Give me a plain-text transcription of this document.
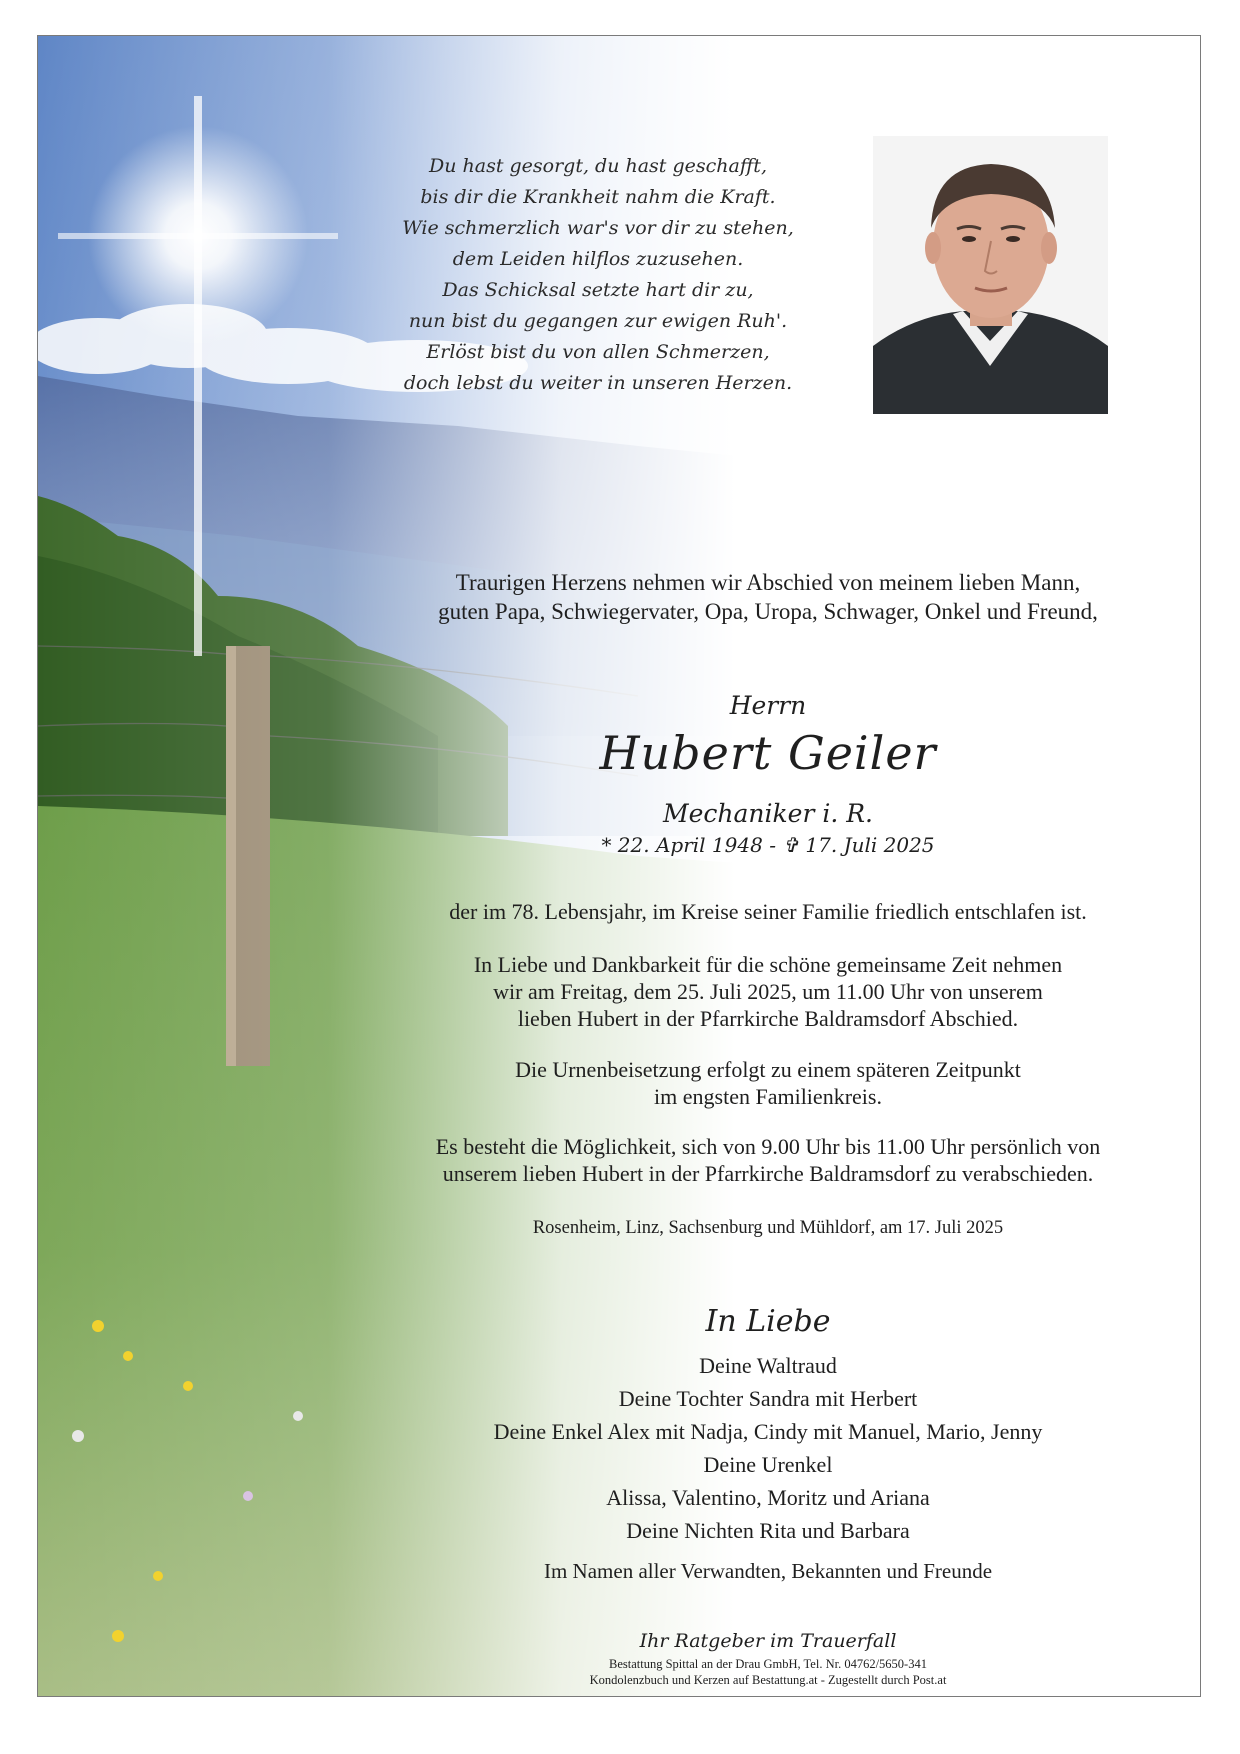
Du hast gesorgt, du hast geschafft,
bis dir die Krankheit nahm die Kraft.
Wie schmerzlich war's vor dir zu stehen,
dem Leiden hilflos zuzusehen.
Das Schicksal setzte hart dir zu,
nun bist du gegangen zur ewigen Ruh'.
Erlöst bist du von allen Schmerzen,
doch lebst du weiter in unseren Herzen.
Traurigen Herzens nehmen wir Abschied von meinem lieben Mann,
guten Papa, Schwiegervater, Opa, Uropa, Schwager, Onkel und Freund,
Herrn
Hubert Geiler
Mechaniker i. R.
* 22. April 1948 - ✞ 17. Juli 2025
der im 78. Lebensjahr, im Kreise seiner Familie friedlich entschlafen ist.
In Liebe und Dankbarkeit für die schöne gemeinsame Zeit nehmen
wir am Freitag, dem 25. Juli 2025, um 11.00 Uhr von unserem
lieben Hubert in der Pfarrkirche Baldramsdorf Abschied.
Die Urnenbeisetzung erfolgt zu einem späteren Zeitpunkt
im engsten Familienkreis.
Es besteht die Möglichkeit, sich von 9.00 Uhr bis 11.00 Uhr persönlich von
unserem lieben Hubert in der Pfarrkirche Baldramsdorf zu verabschieden.
Rosenheim, Linz, Sachsenburg und Mühldorf, am 17. Juli 2025
In Liebe
Deine Waltraud
Deine Tochter Sandra mit Herbert
Deine Enkel Alex mit Nadja, Cindy mit Manuel, Mario, Jenny
Deine Urenkel
Alissa, Valentino, Moritz und Ariana
Deine Nichten Rita und Barbara
Im Namen aller Verwandten, Bekannten und Freunde
Ihr Ratgeber im Trauerfall
Bestattung Spittal an der Drau GmbH, Tel. Nr. 04762/5650-341
Kondolenzbuch und Kerzen auf Bestattung.at - Zugestellt durch Post.at
